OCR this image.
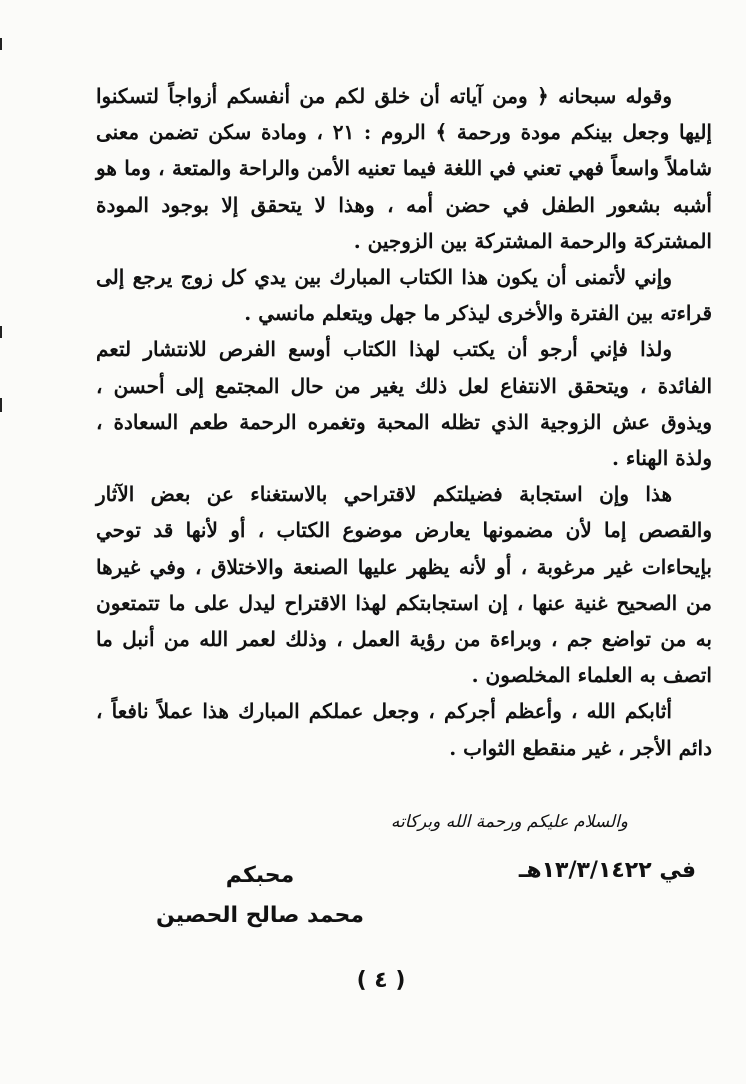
وقوله سبحانه ﴿ ومن آياته أن خلق لكم من أنفسكم أزواجاً لتسكنوا إليها وجعل بينكم مودة ورحمة ﴾ الروم : ٢١ ، ومادة سكن تضمن معنى شاملاً واسعاً فهي تعني في اللغة فيما تعنيه الأمن والراحة والمتعة ، وما هو أشبه بشعور الطفل في حضن أمه ، وهذا لا يتحقق إلا بوجود المودة المشتركة والرحمة المشتركة بين الزوجين .

وإني لأتمنى أن يكون هذا الكتاب المبارك بين يدي كل زوج يرجع إلى قراءته بين الفترة والأخرى ليذكر ما جهل ويتعلم مانسي .

ولذا فإني أرجو أن يكتب لهذا الكتاب أوسع الفرص للانتشار لتعم الفائدة ، ويتحقق الانتفاع لعل ذلك يغير من حال المجتمع إلى أحسن ، ويذوق عش الزوجية الذي تظله المحبة وتغمره الرحمة طعم السعادة ، ولذة الهناء .

هذا وإن استجابة فضيلتكم لاقتراحي بالاستغناء عن بعض الآثار والقصص إما لأن مضمونها يعارض موضوع الكتاب ، أو لأنها قد توحي بإيحاءات غير مرغوبة ، أو لأنه يظهر عليها الصنعة والاختلاق ، وفي غيرها من الصحيح غنية عنها ، إن استجابتكم لهذا الاقتراح ليدل على ما تتمتعون به من تواضع جم ، وبراءة من رؤية العمل ، وذلك لعمر الله من أنبل ما اتصف به العلماء المخلصون .

أثابكم الله ، وأعظم أجركم ، وجعل عملكم المبارك هذا عملاً نافعاً ، دائم الأجر ، غير منقطع الثواب .

والسلام عليكم ورحمة الله وبركاته
في ١٣/٣/١٤٢٢هـ
محبكم
محمد صالح الحصين
( ٤ )
